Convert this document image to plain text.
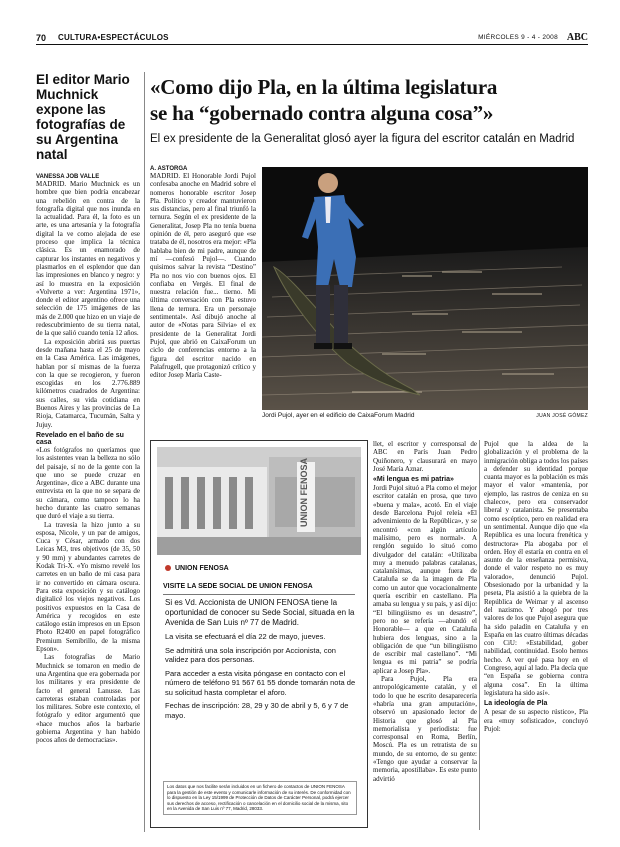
70 CULTURA•ESPECTÁCULOS	MIÉRCOLES 9 - 4 - 2008 ABC
El editor Mario Muchnick expone las fotografías de su Argentina natal
VANESSA JOB VALLE

MADRID. Mario Muchnick es un hombre que bien podría encabezar una rebelión en contra de la fotografía digital que nos inunda en la actualidad. Para él, la foto es un arte, es una artesanía y la fotografía digital la ve como alejada de ese proceso que implica la técnica clásica. Es un enamorado de capturar los instantes en negativos y plasmarlos en el esplendor que dan las impresiones en blanco y negro: y así lo muestra en la exposición «Volverte a ver: Argentina 1971», donde el editor argentino ofrece una selección de 175 imágenes de las más de 2.000 que hizo en un viaje de redescubrimiento de su tierra natal, de la que salió cuando tenía 12 años.

La exposición abrirá sus puertas desde mañana hasta el 25 de mayo en la Casa América. Las imágenes, hablan por sí mismas de la fuerza con la que se recogieron, y fueron escogidas en los 2.776.889 kilómetros cuadrados de Argentina: sus calles, su vida cotidiana en Buenos Aires y las provincias de La Rioja, Catamarca, Tucumán, Salta y Jujuy.

Revelado en el baño de su casa

«Los fotógrafos no queríamos que los asistentes vean la belleza no sólo del paisaje, sí no de la gente con la que uno se puede cruzar en Argentina», dice a ABC durante una entrevista en la que no se separa de su cámara, como tampoco lo ha hecho durante las cuatro semanas que duró el viaje a su tierra.

La travesía la hizo junto a su esposa, Nicole, y un par de amigos, Cuca y César, armado con dos Leicas M3, tres objetivos (de 35, 50 y 90 mm) y abundantes carretes de Kodak Tri-X. «Yo mismo revelé los carretes en un baño de mi casa para ir no convertido en cámara oscura. Para esta exposición y su catálogo digitalicé los viejos negativos. Los positivos expuestos en la Casa de América y recogidos en este catálogo están impresos en un Epson Photo R2400 en papel fotográfico Premium Semibrillo, de la misma Epson».

Las fotografías de Mario Muchnick se tomaron en medio de una Argentina que era gobernada por los militares y era presidente de facto el general Lanusse. Las carreteras estaban controladas por los militares. Sobre este contexto, el fotógrafo y editor argumentó que «hace muchos años la barbarie gobierna Argentina y han habido pocos años de democracias».

«Como dijo Pla, en la última legislatura
se ha “gobernado contra alguna cosa”»
El ex presidente de la Generalitat glosó ayer la figura del escritor catalán en Madrid
A. ASTORGA

MADRID. El Honorable Jordi Pujol confesaba anoche en Madrid sobre el nomeros honorable escritor Josep Pla. Político y creador mantuvieron sus distancias, pero al final triunfó la ternura. Según el ex presidente de la Generalitat, Josep Pla no tenía buena opinión de él, pero aseguró que «se trataba de él, nosotros era mejor: «Pla hablaba bien de mi padre, aunque de mí —confesó Pujol—. Cuando quisimos salvar la revista “Destino” Pla no nos vio con buenos ojos. El confiaba en Vergés. El final de nuestra relación fue... tierno. Mi última conversación con Pla estuvo llena de ternura. Era un personaje sentimental». Así dibujó anoche al autor de «Notas para Silvia» el ex presidente de la Generalitat Jordi Pujol, que abrió en CaixaForum un ciclo de conferencias entorno a la figura del escritor nacido en Palafrugell, que protagonizó crítico y editor Josep María Caste-

Jordi Pujol, ayer en el edificio de CaixaForum Madrid	JUAN JOSÉ GÓMEZ
UNION FENOSA
UNION FENOSA
VISITE LA SEDE SOCIAL DE UNION FENOSA

Si es Vd. Accionista de UNION FENOSA tiene la oportunidad de conocer su Sede Social, situada en la Avenida de San Luis nº 77 de Madrid.

La visita se efectuará el día 22 de mayo, jueves.

Se admitirá una sola inscripción por Accionista, con validez para dos personas.

Para acceder a esta visita póngase en contacto con el número de teléfono 91 567 61 55 donde tomarán nota de su solicitud hasta completar el aforo.

Fechas de inscripción: 28, 29 y 30 de abril y 5, 6 y 7 de mayo.

Los datos que nos facilite serán incluidos en un fichero de contactos de UNION FENOSA para la gestión de este evento y comunicarle información de su interés. De conformidad con lo dispuesto en la Ley 15/1999 de Protección de Datos de Carácter Personal, podrá ejercer sus derechos de acceso, rectificación o cancelación en el domicilio social de la misma, sito en la Avenida de San Luis nº 77, Madrid, 28033.

llet, el escritor y corresponsal de ABC en París Juan Pedro Quiñonero, y clausurará en mayo José María Aznar.

«Mi lengua es mi patria»

Jordi Pujol situó a Pla como el mejor escritor catalán en prosa, que tuvo «buena y mala», acotó. En el viaje desde Barcelona Pujol releía «El advenimiento de la República», y se encontró «con algún artículo malísimo, pero es normal». A renglón seguido lo situó como divulgador del catalán: «Utilizaba muy a menudo palabras catalanas, catalanísimas, aunque fuera de Cataluña se da la imagen de Pla como un autor que vocacionalmente quería escribir en castellano. Pla amaba su lengua y su país, y así dijo: “El bilingüismo es un desastre”, pero no se refería —abundó el Honorable— a que en Cataluña hubiera dos lenguas, sino a la obligación de que “un bilingüismo de escribir mal castellano”. “Mi lengua es mi patria” se podría aplicar a Josep Pla».

Para Pujol, Pla era antropológicamente catalán, y el todo lo que he escrito desaparecería «habría una gran amputación», observó un apasionado lector de Historia que glosó al Pla memorialista y periodista: fue corresponsal en Roma, Berlín, Moscú. Pla es un retratista de su mundo, de su entorno, de su gente: «Tengo que ayudar a conservar la memoria, apostillaba». Es este punto advirtió

Pujol que la aldea de la globalización y el problema de la inmigración obliga a todos los países a defender su identidad porque cuanta mayor es la población es más mayor el valor «mantenía, por ejemplo, las rastros de ceniza en su chaleco», pero era conservador liberal y catalanista. Se presentaba como escéptico, pero en realidad era un sentimental. Aunque dijo que «la República es una locura frenética y destructora» Pla abogaba por el orden. Hoy él estaría en contra en el asunto de la enseñanza permisiva, donde el valor respeto no es muy valorado», denunció Pujol. Obsesionado por la urbanidad y la peseta, Pla asistió a la quiebra de la República de Weimar y al ascenso del nazismo. Y abogó por tres valores de los que Pujol asegura que ha sido paladín en Cataluña y en España en las cuatro últimas décadas con CiU: «Estabilidad, gober nabilidad, continuidad. Esolo hemos hecho. A ver qué pasa hoy en el Congreso, aquí al lado. Pla decía que “en España se gobierna contra alguna cosa”. En la última legislatura ha sido así».

La ideología de Pla

A pesar de su aspecto rústico», Pla era «muy sofisticado», concluyó Pujol:
